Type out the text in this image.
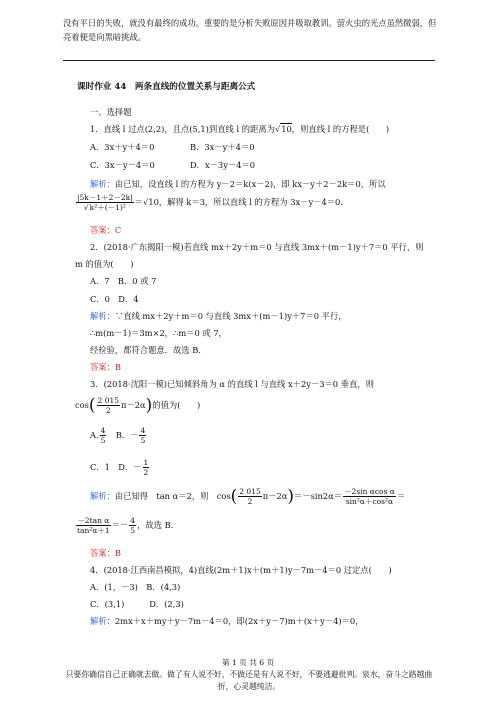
没有平日的失败，就没有最终的成功。重要的是分析失败原因并吸取教训。萤火虫的光点虽然微弱，但亮着便是向黑暗挑战。
课时作业 44　两条直线的位置关系与距离公式
一、选择题
1．直线 l 过点(2,2)，且点(5,1)到直线 l 的距离为√10，则直线 l 的方程是(　　)
A．3x＋y＋4＝0	B．3x－y＋4＝0
C．3x－y－4＝0	D．x－3y－4＝0
解析：由已知，设直线 l 的方程为 y－2＝k(x－2)，即 kx－y＋2－2k＝0，所以
$\frac{|5k-1+2-2k|}{\text{√k²＋(－1)²}} =√10$，解得 k＝3，所以直线 l 的方程为 3x－y－4＝0.
答案：C
2．(2018·广东揭阳一模)若直线 mx＋2y＋m＝0 与直线 3mx＋(m－1)y＋7＝0 平行，则
m 的值为(　　)
A．7　 B．0 或 7
C．0　 D．4
解析：∵直线 mx＋2y＋m＝0 与直线 3mx＋(m－1)y＋7＝0 平行，
∴m(m－1)＝3m×2，∴m＝0 或 7，
经检验，都符合题意．故选 B.
答案：B
3．(2018·沈阳一模)已知倾斜角为 α 的直线 l 与直线 x＋2y－3＝0 垂直，则
$\cos( \frac{2 015}{2} \pi-2\alpha)$的值为(　　)
A. $\frac{4}{5}$
　 B．－ $\frac{4}{5}$
C．1　 D．－ $\frac{1}{2}$
解析：由已知得　tan α＝2，则　$\cos( \frac{2 015}{2} \pi-2\alpha)=-\sin 2\alpha= \frac{\text{－2sin αcos α}}{\text{sin²α＋cos²α}}$ ＝
$\frac{\text{－2tan α}}{\text{tan²α＋1}} =- \frac{4}{5}$ ，故选 B.
答案：B
4．(2018·江西南昌模拟，4)直线(2m＋1)x＋(m＋1)y－7m－4＝0 过定点(　　)
A．(1，－3)　 B．(4,3)
C．(3,1)　　　	D．(2,3)
解析：2mx＋x＋my＋y－7m－4＝0，即(2x＋y－7)m＋(x＋y－4)＝0，
第 1 页 共 6 页
只要你确信自己正确就去做。做了有人说不好，不做还是有人说不好，不要逃避批判。泉水，奋斗之路越曲折，心灵越纯洁。
